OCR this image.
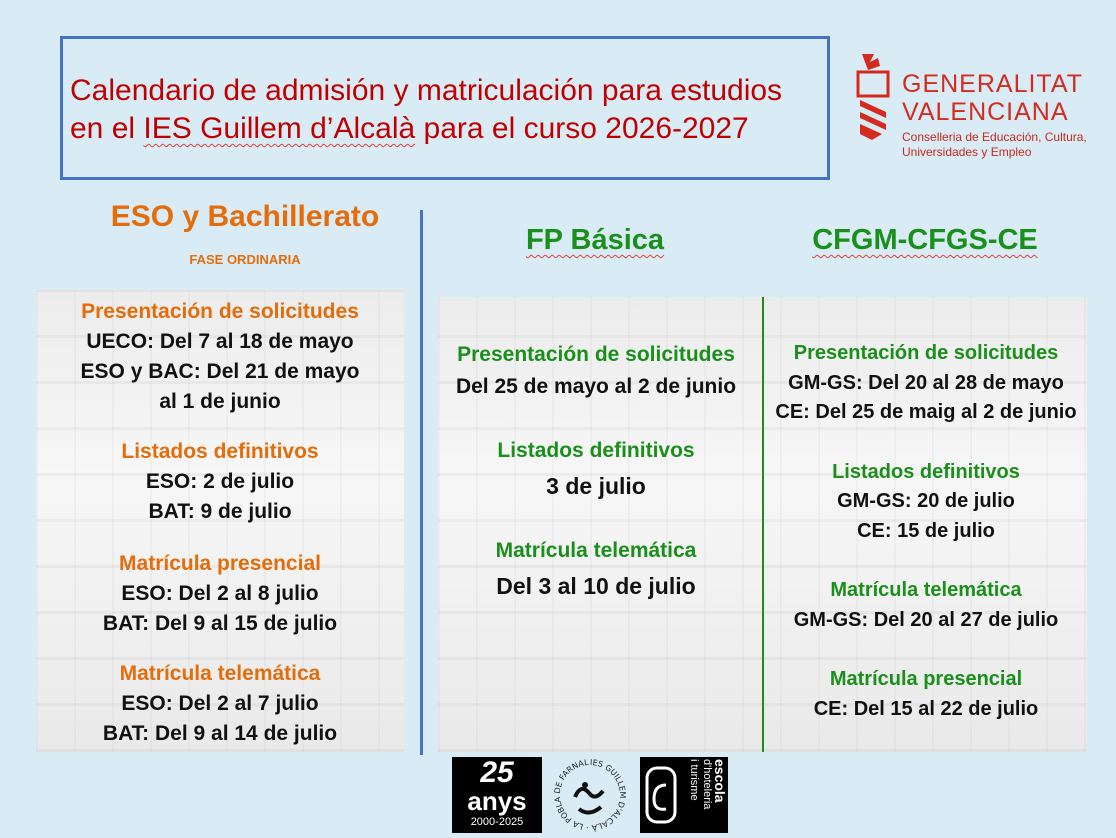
Calendario de admisión y matriculación para estudios
en el IES Guillem d’Alcalà para el curso 2026-2027
GENERALITAT
VALENCIANA
Conselleria de Educación, Cultura,
Universidades y Empleo
ESO y Bachillerato
FASE ORDINARIA
FP Básica	CFGM-CFGS-CE
Presentación de solicitudes
UECO: Del 7 al 18 de mayo
ESO y BAC: Del 21 de mayo
al 1 de junio
Listados definitivos
ESO: 2 de julio
BAT: 9 de julio
Matrícula presencial
ESO: Del 2 al 8 julio
BAT: Del 9 al 15 de julio
Matrícula telemática
ESO: Del 2 al 7 julio
BAT: Del 9 al 14 de julio
Presentación de solicitudes
Del 25 de mayo al 2 de junio
Listados definitivos
3 de julio
Matrícula telemática
Del 3 al 10 de julio
Presentación de solicitudes
GM-GS: Del 20 al 28 de mayo
CE: Del 25 de maig al 2 de junio
Listados definitivos
GM-GS: 20 de julio
CE: 15 de julio
Matrícula telemática
GM-GS: Del 20 al 27 de julio
Matrícula presencial
CE: Del 15 al 22 de julio
25
anys
2000-2025
IES GUILLEM D'ALCALÀ · LA POBLA DE FARNAL	escola
d'hoteleria
i turisme
